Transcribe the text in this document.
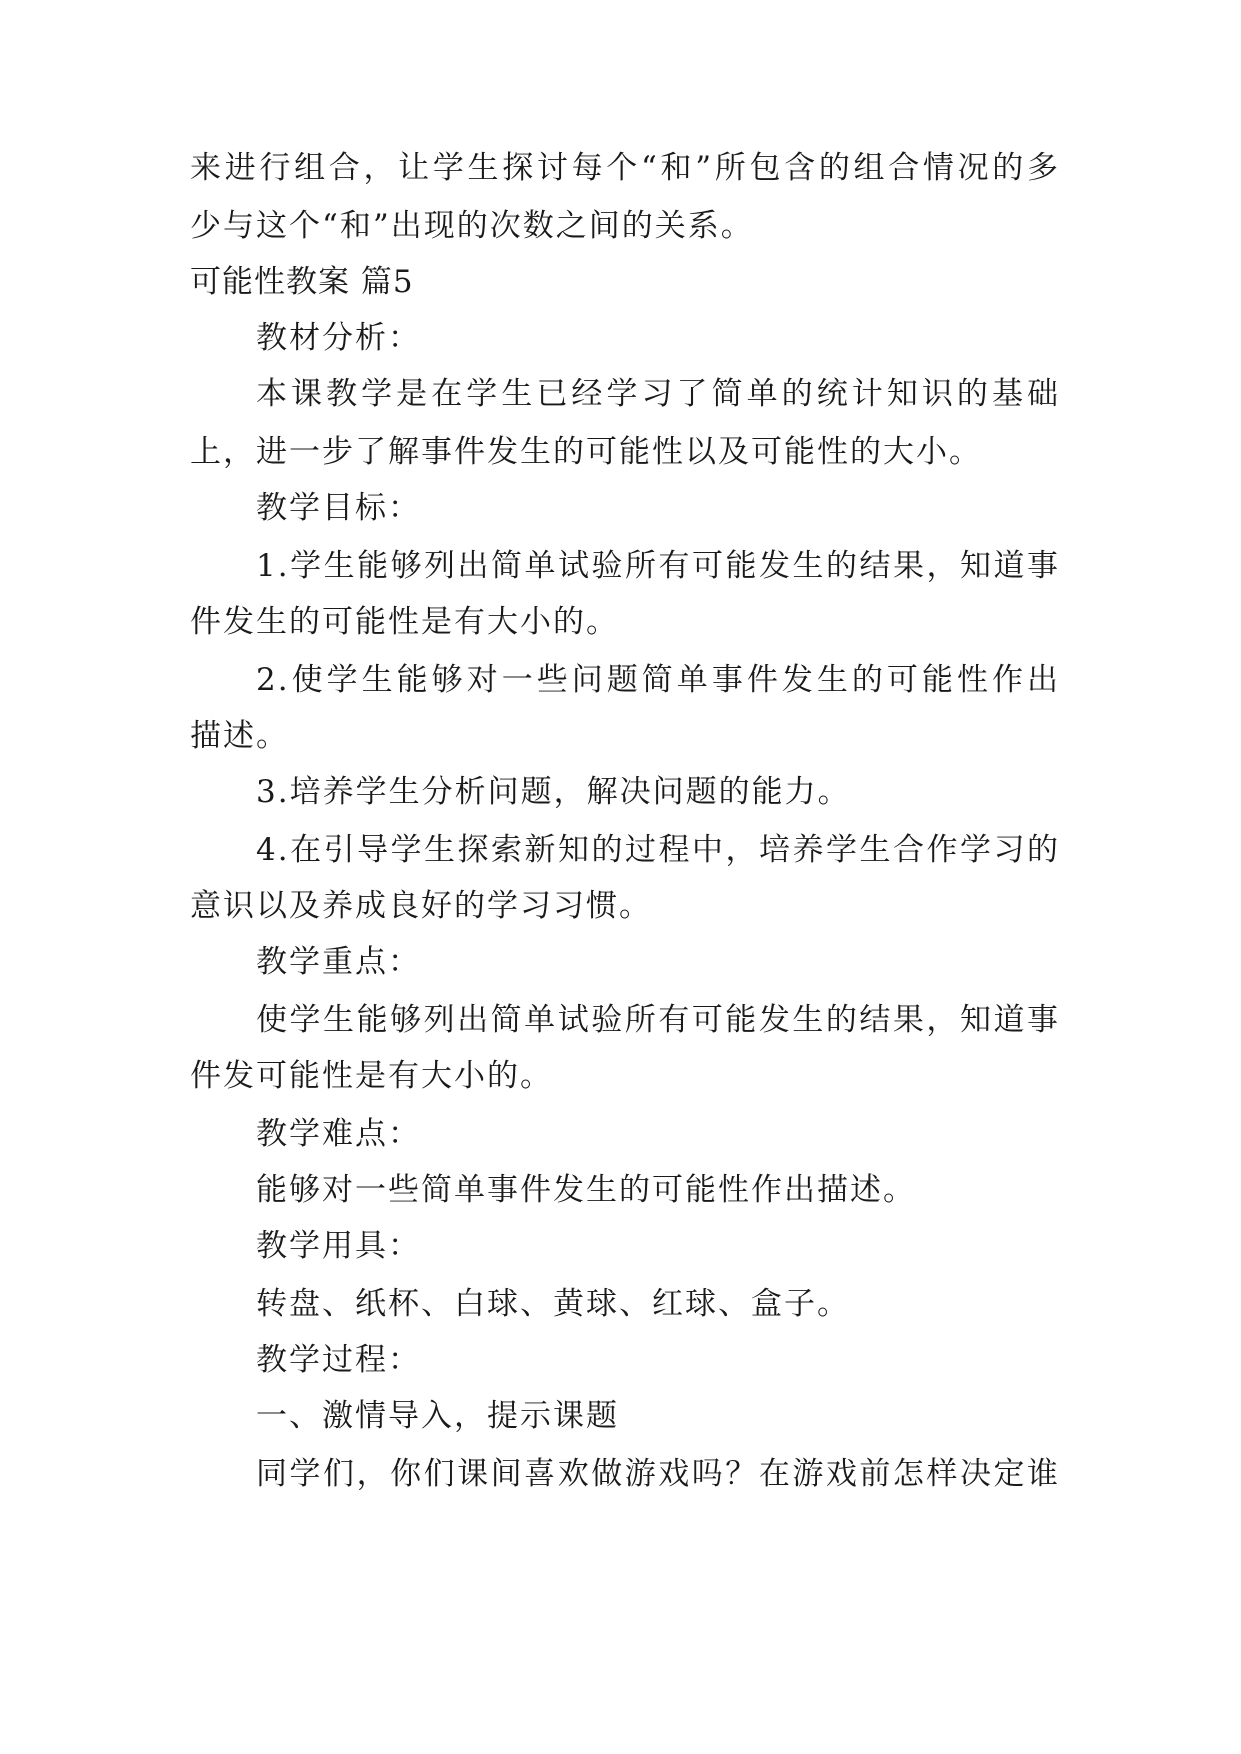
来进行组合，让学生探讨每个“和”所包含的组合情况的多
少与这个“和”出现的次数之间的关系。
可能性教案 篇5
教材分析：
本课教学是在学生已经学习了简单的统计知识的基础
上，进一步了解事件发生的可能性以及可能性的大小。
教学目标：
1.学生能够列出简单试验所有可能发生的结果，知道事
件发生的可能性是有大小的。
2.使学生能够对一些问题简单事件发生的可能性作出
描述。
3.培养学生分析问题，解决问题的能力。
4.在引导学生探索新知的过程中，培养学生合作学习的
意识以及养成良好的学习习惯。
教学重点：
使学生能够列出简单试验所有可能发生的结果，知道事
件发可能性是有大小的。
教学难点：
能够对一些简单事件发生的可能性作出描述。
教学用具：
转盘、纸杯、白球、黄球、红球、盒子。
教学过程：
一、激情导入，提示课题
同学们，你们课间喜欢做游戏吗？在游戏前怎样决定谁
